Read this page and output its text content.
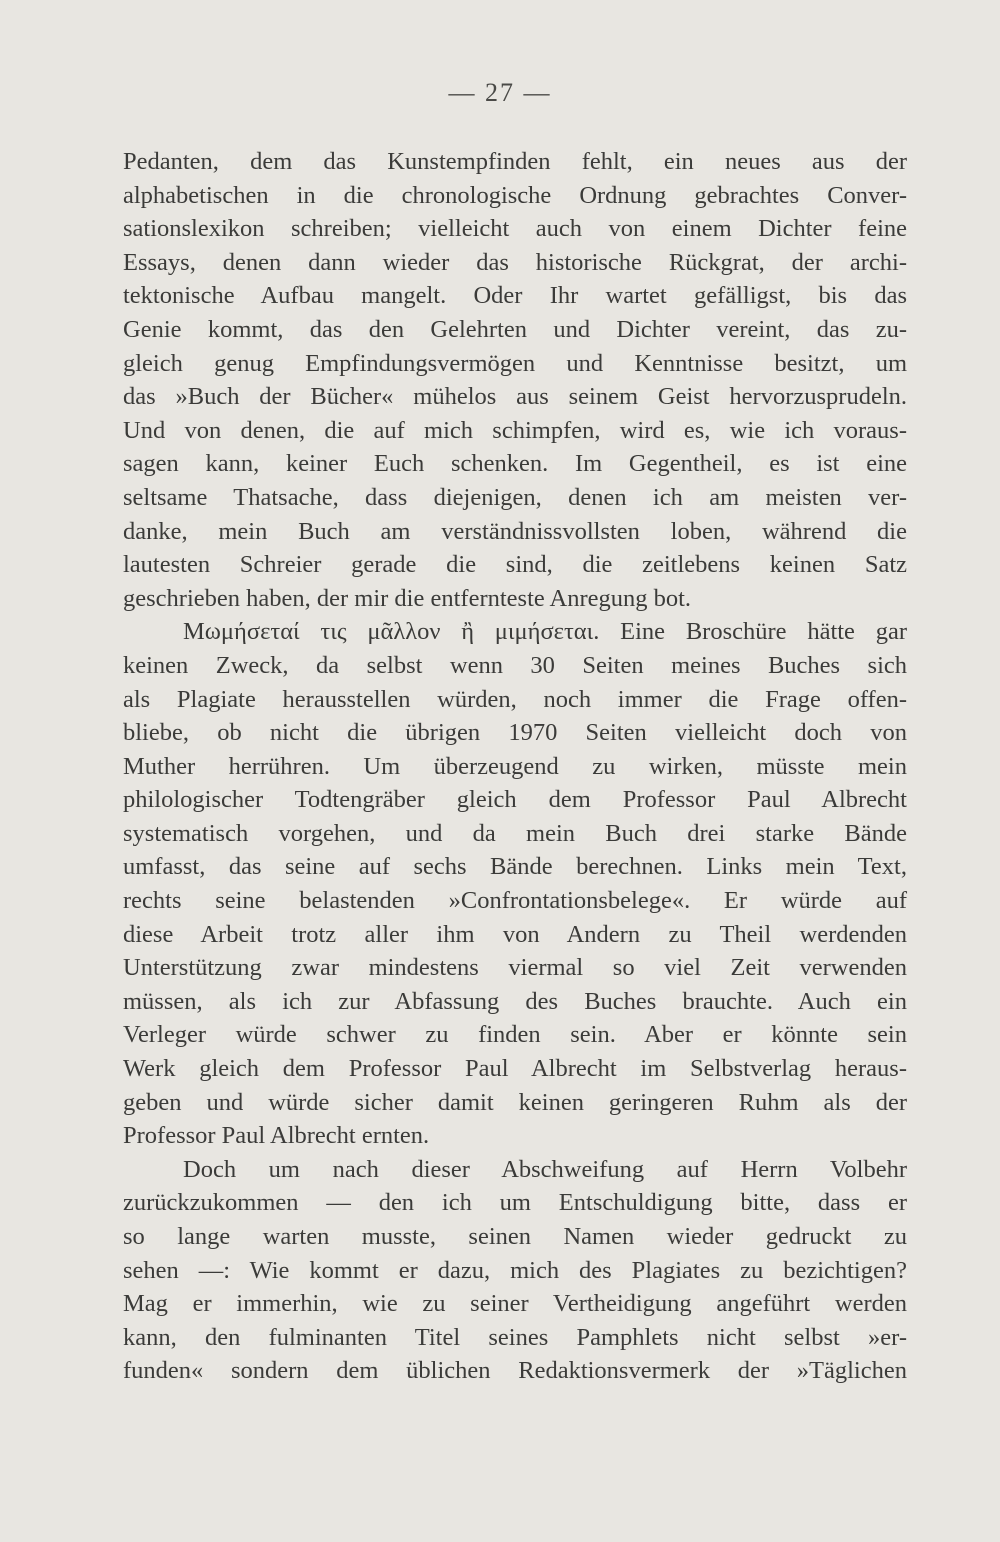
— 27 —
Pedanten, dem das Kunstempfinden fehlt, ein neues aus der
alphabetischen in die chronologische Ordnung gebrachtes Conver-
sationslexikon schreiben; vielleicht auch von einem Dichter feine
Essays, denen dann wieder das historische Rückgrat, der archi-
tektonische Aufbau mangelt. Oder Ihr wartet gefälligst, bis das
Genie kommt, das den Gelehrten und Dichter vereint, das zu-
gleich genug Empfindungsvermögen und Kenntnisse besitzt, um
das »Buch der Bücher« mühelos aus seinem Geist hervorzusprudeln.
Und von denen, die auf mich schimpfen, wird es, wie ich voraus-
sagen kann, keiner Euch schenken. Im Gegentheil, es ist eine
seltsame Thatsache, dass diejenigen, denen ich am meisten ver-
danke, mein Buch am verständnissvollsten loben, während die
lautesten Schreier gerade die sind, die zeitlebens keinen Satz
geschrieben haben, der mir die entfernteste Anregung bot.
Μωμήσεταί τις μᾶλλον ἢ μιμήσεται. Eine Broschüre hätte gar
keinen Zweck, da selbst wenn 30 Seiten meines Buches sich
als Plagiate herausstellen würden, noch immer die Frage offen-
bliebe, ob nicht die übrigen 1970 Seiten vielleicht doch von
Muther herrühren. Um überzeugend zu wirken, müsste mein
philologischer Todtengräber gleich dem Professor Paul Albrecht
systematisch vorgehen, und da mein Buch drei starke Bände
umfasst, das seine auf sechs Bände berechnen. Links mein Text,
rechts seine belastenden »Confrontationsbelege«. Er würde auf
diese Arbeit trotz aller ihm von Andern zu Theil werdenden
Unterstützung zwar mindestens viermal so viel Zeit verwenden
müssen, als ich zur Abfassung des Buches brauchte. Auch ein
Verleger würde schwer zu finden sein. Aber er könnte sein
Werk gleich dem Professor Paul Albrecht im Selbstverlag heraus-
geben und würde sicher damit keinen geringeren Ruhm als der
Professor Paul Albrecht ernten.
Doch um nach dieser Abschweifung auf Herrn Volbehr
zurückzukommen — den ich um Entschuldigung bitte, dass er
so lange warten musste, seinen Namen wieder gedruckt zu
sehen —: Wie kommt er dazu, mich des Plagiates zu bezichtigen?
Mag er immerhin, wie zu seiner Vertheidigung angeführt werden
kann, den fulminanten Titel seines Pamphlets nicht selbst »er-
funden« sondern dem üblichen Redaktionsvermerk der »Täglichen
